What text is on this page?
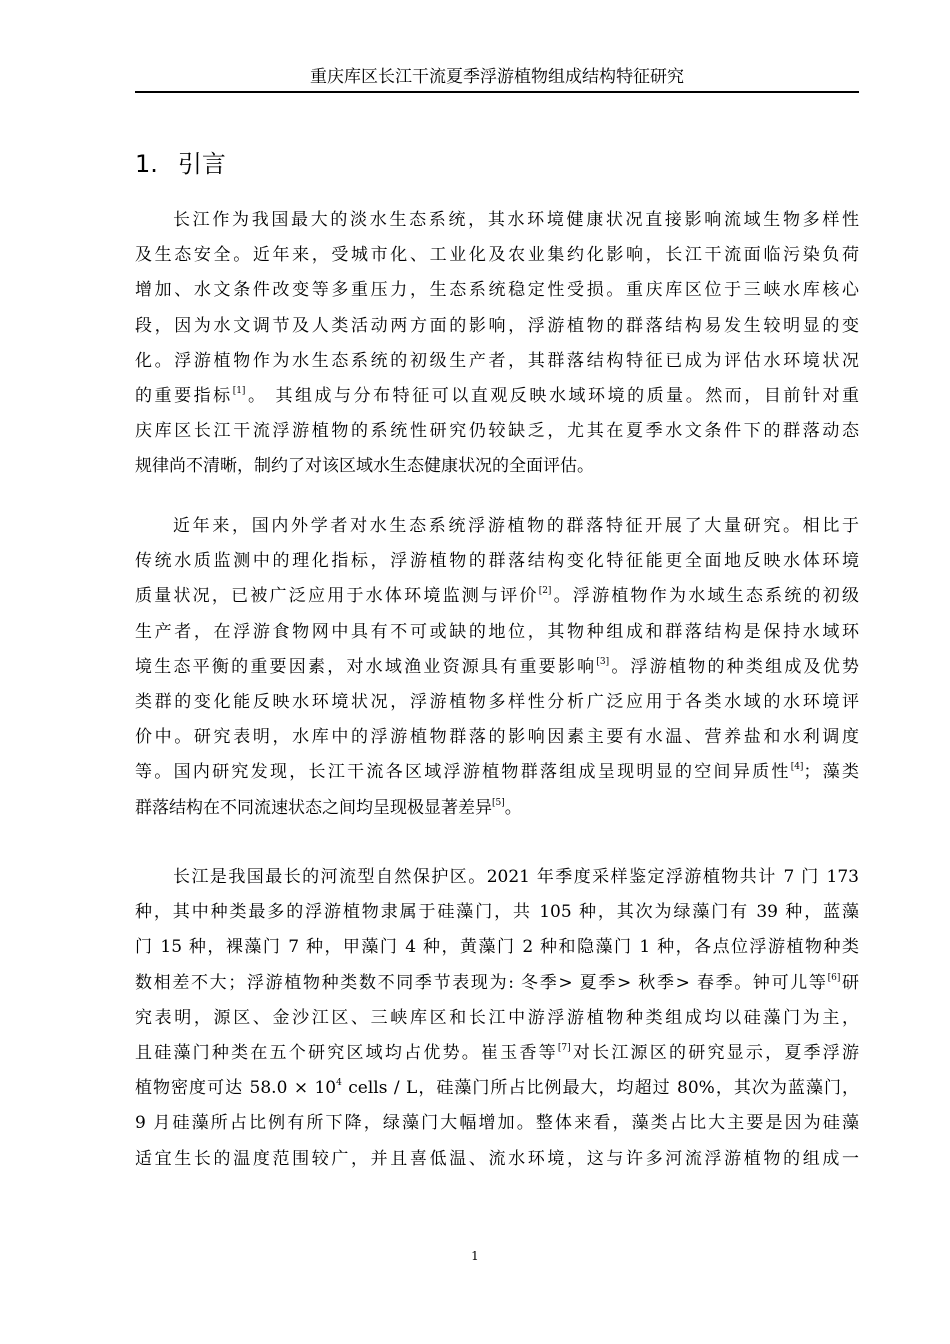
重庆库区长江干流夏季浮游植物组成结构特征研究
1. 引言
长江作为我国最大的淡水生态系统，其水环境健康状况直接影响流域生物多样性
及生态安全。近年来，受城市化、工业化及农业集约化影响，长江干流面临污染负荷
增加、水文条件改变等多重压力，生态系统稳定性受损。重庆库区位于三峡水库核心
段，因为水文调节及人类活动两方面的影响，浮游植物的群落结构易发生较明显的变
化。浮游植物作为水生态系统的初级生产者，其群落结构特征已成为评估水环境状况
的重要指标[1]。 其组成与分布特征可以直观反映水域环境的质量。然而，目前针对重
庆库区长江干流浮游植物的系统性研究仍较缺乏，尤其在夏季水文条件下的群落动态
规律尚不清晰，制约了对该区域水生态健康状况的全面评估。
近年来，国内外学者对水生态系统浮游植物的群落特征开展了大量研究。相比于
传统水质监测中的理化指标，浮游植物的群落结构变化特征能更全面地反映水体环境
质量状况，已被广泛应用于水体环境监测与评价[2]。浮游植物作为水域生态系统的初级
生产者，在浮游食物网中具有不可或缺的地位，其物种组成和群落结构是保持水域环
境生态平衡的重要因素，对水域渔业资源具有重要影响[3]。浮游植物的种类组成及优势
类群的变化能反映水环境状况，浮游植物多样性分析广泛应用于各类水域的水环境评
价中。研究表明，水库中的浮游植物群落的影响因素主要有水温、营养盐和水利调度
等。国内研究发现，长江干流各区域浮游植物群落组成呈现明显的空间异质性[4]；藻类
群落结构在不同流速状态之间均呈现极显著差异[5]。
长江是我国最长的河流型自然保护区。2021 年季度采样鉴定浮游植物共计 7 门 173
种，其中种类最多的浮游植物隶属于硅藻门，共 105 种，其次为绿藻门有 39 种，蓝藻
门 15 种，裸藻门 7 种，甲藻门 4 种，黄藻门 2 种和隐藻门 1 种，各点位浮游植物种类
数相差不大；浮游植物种类数不同季节表现为: 冬季> 夏季> 秋季> 春季。钟可儿等[6]研
究表明，源区、金沙江区、三峡库区和长江中游浮游植物种类组成均以硅藻门为主，
且硅藻门种类在五个研究区域均占优势。崔玉香等[7]对长江源区的研究显示，夏季浮游
植物密度可达 $58.0 \times 10^4$ cells / L，硅藻门所占比例最大，均超过 80%，其次为蓝藻门，
9 月硅藻所占比例有所下降，绿藻门大幅增加。整体来看，藻类占比大主要是因为硅藻
适宜生长的温度范围较广，并且喜低温、流水环境，这与许多河流浮游植物的组成一
1
